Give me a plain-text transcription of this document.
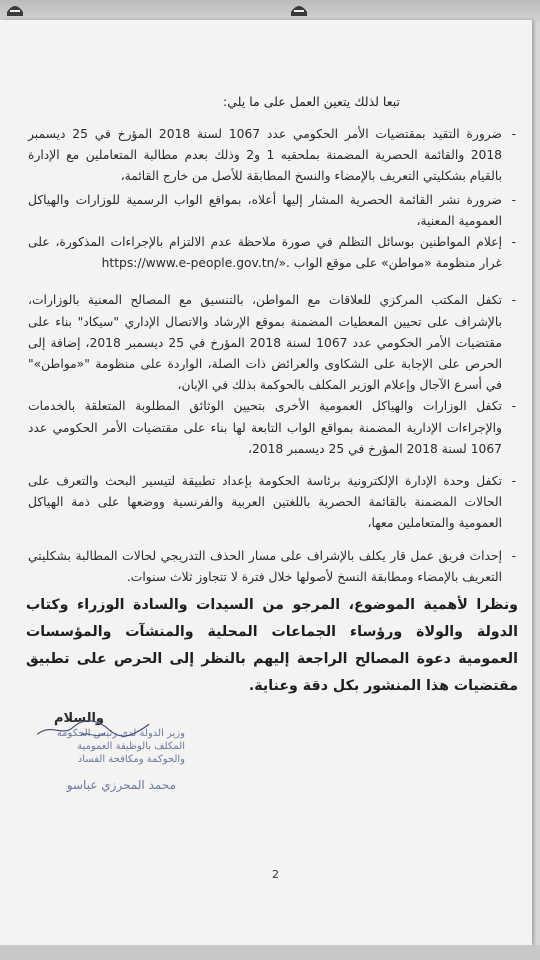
تبعا لذلك يتعين العمل على ما يلي:
-
ضرورة التقيد بمقتضيات الأمر الحكومي عدد 1067 لسنة 2018 المؤرخ في 25 ديسمبر 2018 والقائمة الحصرية المضمنة بملحقيه 1 و2 وذلك بعدم مطالبة المتعاملين مع الإدارة بالقيام بشكليتي التعريف بالإمضاء والنسخ المطابقة للأصل من خارج القائمة،
-
ضرورة نشر القائمة الحصرية المشار إليها أعلاه، بمواقع الواب الرسمية للوزارات والهياكل العمومية المعنية،
-
إعلام المواطنين بوسائل التظلم في صورة ملاحظة عدم الالتزام بالإجراءات المذكورة، على غرار منظومة «مواطن» على موقع الواب https://www.e-people.gov.tn/».
-
تكفل المكتب المركزي للعلاقات مع المواطن، بالتنسيق مع المصالح المعنية بالوزارات، بالإشراف على تحيين المعطيات المضمنة بموقع الإرشاد والاتصال الإداري "سيكاد" بناء على مقتضيات الأمر الحكومي عدد 1067 لسنة 2018 المؤرخ في 25 ديسمبر 2018، إضافة إلى الحرص على الإجابة على الشكاوى والعرائض ذات الصلة، الواردة على منظومة "«مواطن»" في أسرع الآجال وإعلام الوزير المكلف بالحوكمة بذلك في الإبان،
-
تكفل الوزارات والهياكل العمومية الأخرى بتحيين الوثائق المطلوبة المتعلقة بالخدمات والإجراءات الإدارية المضمنة بمواقع الواب التابعة لها بناء على مقتضيات الأمر الحكومي عدد 1067 لسنة 2018 المؤرخ في 25 ديسمبر 2018،
-
تكفل وحدة الإدارة الإلكترونية برئاسة الحكومة بإعداد تطبيقة لتيسير البحث والتعرف على الحالات المضمنة بالقائمة الحصرية باللغتين العربية والفرنسية ووضعها على ذمة الهياكل العمومية والمتعاملين معها،
-
إحداث فريق عمل قار يكلف بالإشراف على مسار الحذف التدريجي لحالات المطالبة بشكليتي التعريف بالإمضاء ومطابقة النسخ لأصولها خلال فترة لا تتجاوز ثلاث سنوات.
ونظرا لأهمية الموضوع، المرجو من السيدات والسادة الوزراء وكتاب الدولة والولاة ورؤساء الجماعات المحلية والمنشآت والمؤسسات العمومية دعوة المصالح الراجعة إليهم بالنظر إلى الحرص على تطبيق مقتضيات هذا المنشور بكل دقة وعناية.
والسلام
وزير الدولة لدى رئيس الحكومة
المكلف بالوظيفة العمومية
والحوكمة ومكافحة الفساد
محمد المحرزي عباسو
2
